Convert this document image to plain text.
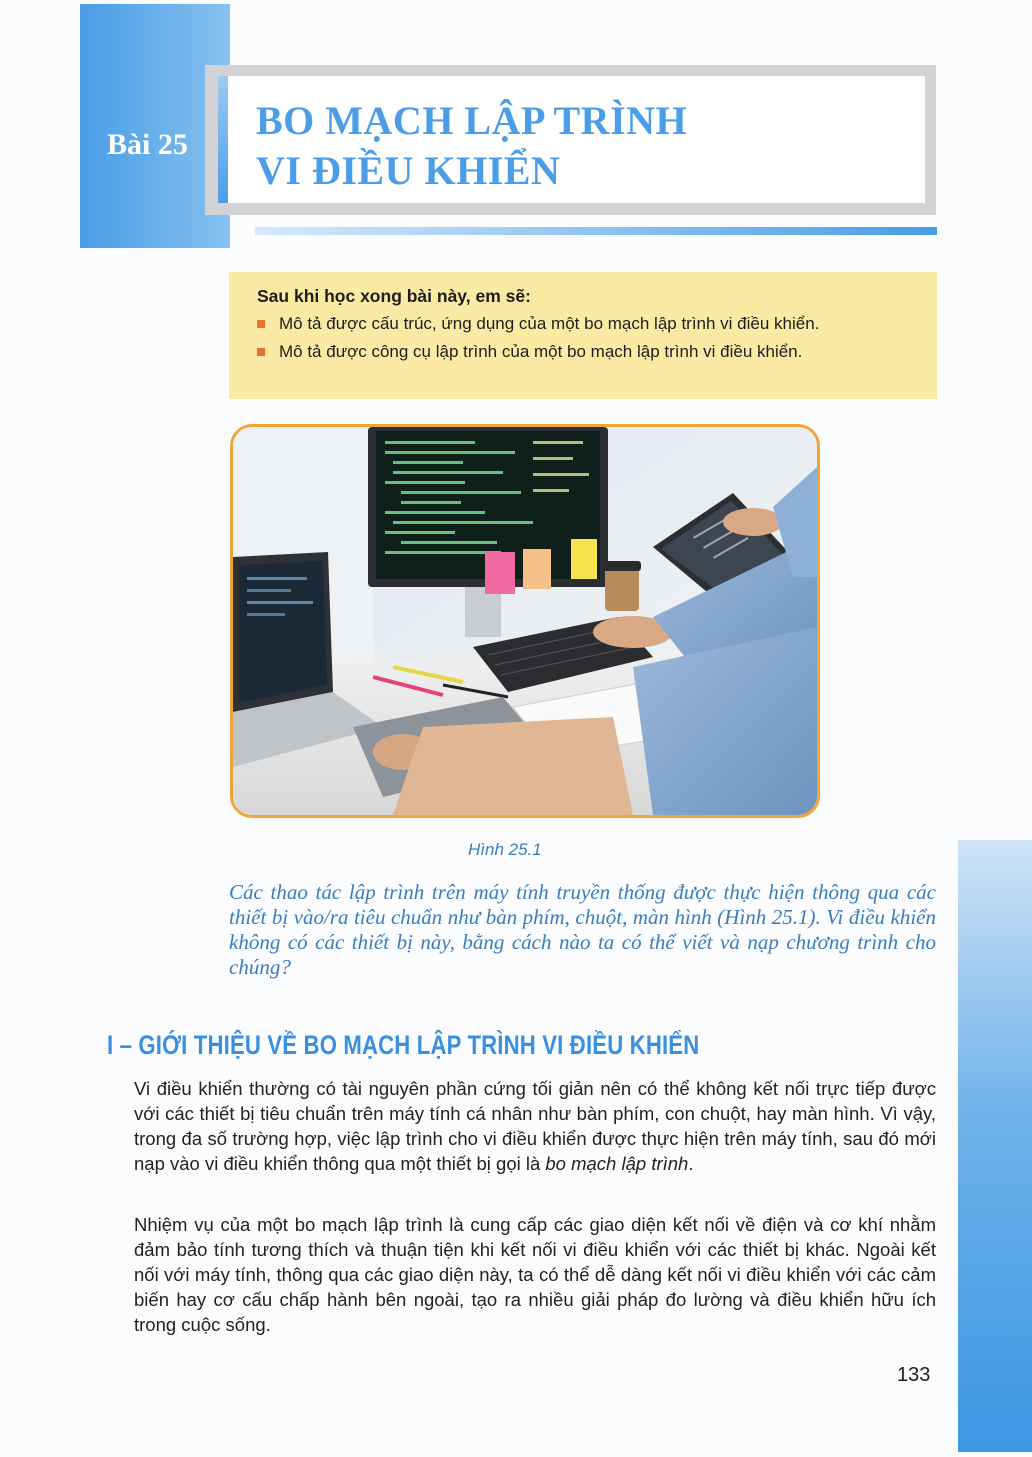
Bài 25
BO MẠCH LẬP TRÌNH
VI ĐIỀU KHIỂN
Sau khi học xong bài này, em sẽ:
Mô tả được cấu trúc, ứng dụng của một bo mạch lập trình vi điều khiển.
Mô tả được công cụ lập trình của một bo mạch lập trình vi điều khiển.
Hình 25.1

Các thao tác lập trình trên máy tính truyền thống được thực hiện thông qua các thiết bị vào/ra tiêu chuẩn như bàn phím, chuột, màn hình (Hình 25.1). Vi điều khiển không có các thiết bị này, bằng cách nào ta có thể viết và nạp chương trình cho chúng?

I – GIỚI THIỆU VỀ BO MẠCH LẬP TRÌNH VI ĐIỀU KHIỂN

Vi điều khiển thường có tài nguyên phần cứng tối giản nên có thể không kết nối trực tiếp được với các thiết bị tiêu chuẩn trên máy tính cá nhân như bàn phím, con chuột, hay màn hình. Vì vậy, trong đa số trường hợp, việc lập trình cho vi điều khiển được thực hiện trên máy tính, sau đó mới nạp vào vi điều khiển thông qua một thiết bị gọi là bo mạch lập trình.

Nhiệm vụ của một bo mạch lập trình là cung cấp các giao diện kết nối về điện và cơ khí nhằm đảm bảo tính tương thích và thuận tiện khi kết nối vi điều khiển với các thiết bị khác. Ngoài kết nối với máy tính, thông qua các giao diện này, ta có thể dễ dàng kết nối vi điều khiển với các cảm biến hay cơ cấu chấp hành bên ngoài, tạo ra nhiều giải pháp đo lường và điều khiển hữu ích trong cuộc sống.

133
